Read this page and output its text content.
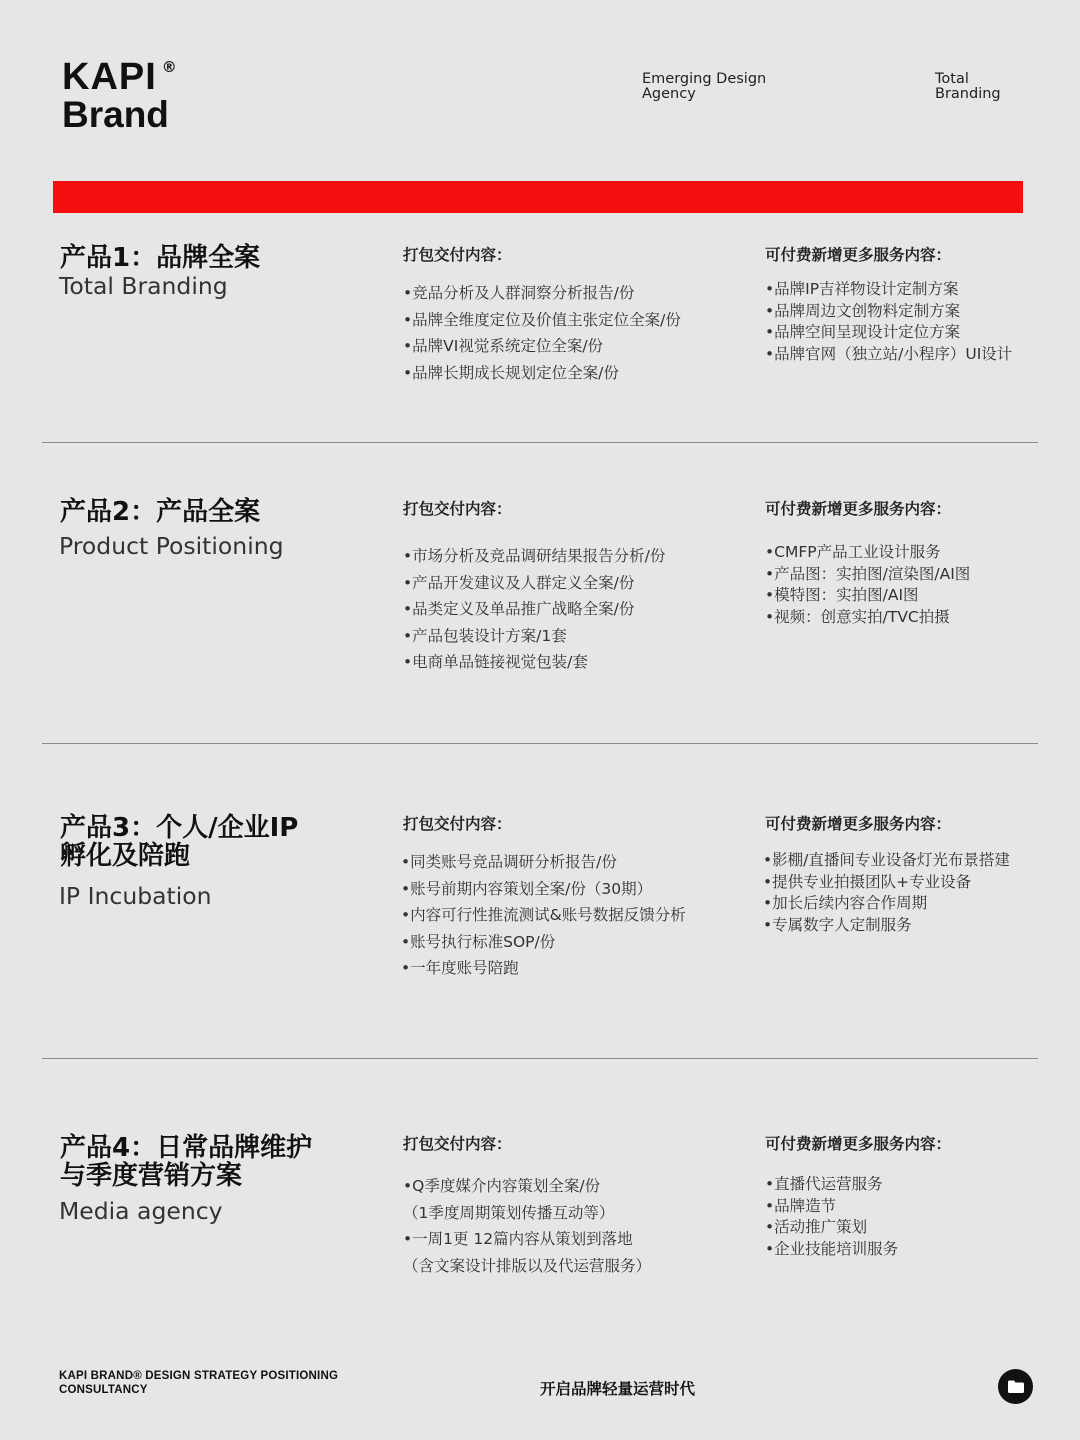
KAPI ®
Brand
Emerging Design
Agency
Total
Branding
产品1：品牌全案
Total Branding
打包交付内容：
•竞品分析及人群洞察分析报告/份
•品牌全维度定位及价值主张定位全案/份
•品牌VI视觉系统定位全案/份
•品牌长期成长规划定位全案/份
可付费新增更多服务内容：
•品牌IP吉祥物设计定制方案
•品牌周边文创物料定制方案
•品牌空间呈现设计定位方案
•品牌官网（独立站/小程序）UI设计
产品2：产品全案
Product Positioning
打包交付内容：
•市场分析及竞品调研结果报告分析/份
•产品开发建议及人群定义全案/份
•品类定义及单品推广战略全案/份
•产品包装设计方案/1套
•电商单品链接视觉包装/套
可付费新增更多服务内容：
•CMFP产品工业设计服务
•产品图：实拍图/渲染图/AI图
•模特图：实拍图/AI图
•视频：创意实拍/TVC拍摄
产品3：个人/企业IP
孵化及陪跑
IP Incubation
打包交付内容：
•同类账号竞品调研分析报告/份
•账号前期内容策划全案/份（30期）
•内容可行性推流测试&账号数据反馈分析
•账号执行标准SOP/份
•一年度账号陪跑
可付费新增更多服务内容：
•影棚/直播间专业设备灯光布景搭建
•提供专业拍摄团队+专业设备
•加长后续内容合作周期
•专属数字人定制服务
产品4：日常品牌维护
与季度营销方案
Media agency
打包交付内容：
•Q季度媒介内容策划全案/份
（1季度周期策划传播互动等）
•一周1更 12篇内容从策划到落地
（含文案设计排版以及代运营服务）
可付费新增更多服务内容：
•直播代运营服务
•品牌造节
•活动推广策划
•企业技能培训服务
KAPI BRAND® DESIGN STRATEGY POSITIONING
CONSULTANCY	开启品牌轻量运营时代
